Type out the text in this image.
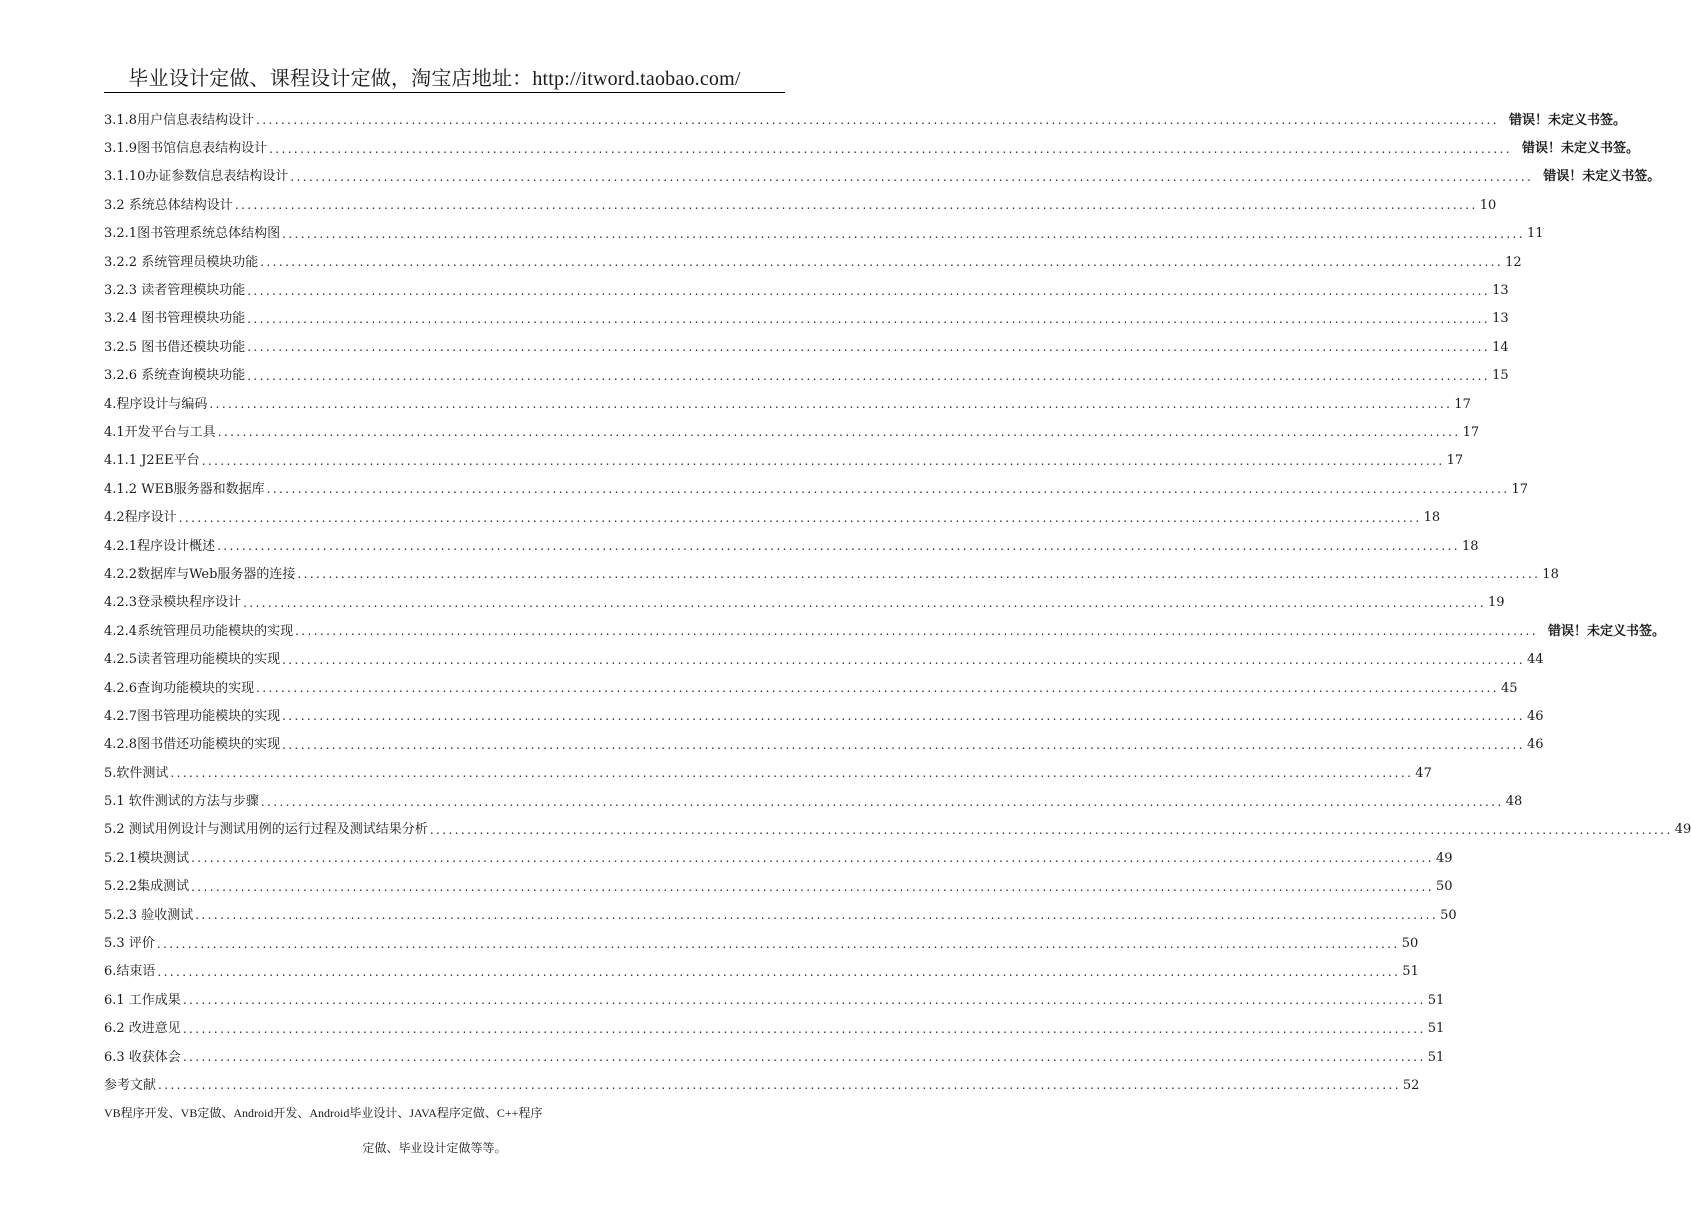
毕业设计定做、课程设计定做，淘宝店地址：http://itword.taobao.com/
3.1.8用户信息表结构设计 ........................................................................................................................................................................................................ 错误！未定义书签。
3.1.9图书馆信息表结构设计 ........................................................................................................................................................................................................ 错误！未定义书签。
3.1.10办证参数信息表结构设计 ........................................................................................................................................................................................................ 错误！未定义书签。
3.2 系统总体结构设计 ........................................................................................................................................................................................................ 10
3.2.1图书管理系统总体结构图 ........................................................................................................................................................................................................ 11
3.2.2 系统管理员模块功能 ........................................................................................................................................................................................................ 12
3.2.3 读者管理模块功能 ........................................................................................................................................................................................................ 13
3.2.4 图书管理模块功能 ........................................................................................................................................................................................................ 13
3.2.5 图书借还模块功能 ........................................................................................................................................................................................................ 14
3.2.6 系统查询模块功能 ........................................................................................................................................................................................................ 15
4.程序设计与编码 ........................................................................................................................................................................................................ 17
4.1开发平台与工具 ........................................................................................................................................................................................................ 17
4.1.1 J2EE平台 ........................................................................................................................................................................................................ 17
4.1.2 WEB服务器和数据库 ........................................................................................................................................................................................................ 17
4.2程序设计 ........................................................................................................................................................................................................ 18
4.2.1程序设计概述 ........................................................................................................................................................................................................ 18
4.2.2数据库与Web服务器的连接 ........................................................................................................................................................................................................ 18
4.2.3登录模块程序设计 ........................................................................................................................................................................................................ 19
4.2.4系统管理员功能模块的实现 ........................................................................................................................................................................................................ 错误！未定义书签。
4.2.5读者管理功能模块的实现 ........................................................................................................................................................................................................ 44
4.2.6查询功能模块的实现 ........................................................................................................................................................................................................ 45
4.2.7图书管理功能模块的实现 ........................................................................................................................................................................................................ 46
4.2.8图书借还功能模块的实现 ........................................................................................................................................................................................................ 46
5.软件测试 ........................................................................................................................................................................................................ 47
5.1 软件测试的方法与步骤 ........................................................................................................................................................................................................ 48
5.2 测试用例设计与测试用例的运行过程及测试结果分析 ........................................................................................................................................................................................................ 49
5.2.1模块测试 ........................................................................................................................................................................................................ 49
5.2.2集成测试 ........................................................................................................................................................................................................ 50
5.2.3 验收测试 ........................................................................................................................................................................................................ 50
5.3 评价 ........................................................................................................................................................................................................ 50
6.结束语 ........................................................................................................................................................................................................ 51
6.1 工作成果 ........................................................................................................................................................................................................ 51
6.2 改进意见 ........................................................................................................................................................................................................ 51
6.3 收获体会 ........................................................................................................................................................................................................ 51
参考文献 ........................................................................................................................................................................................................ 52
VB程序开发、VB定做、Android开发、Android毕业设计、JAVA程序定做、C++程序
定做、毕业设计定做等等。
